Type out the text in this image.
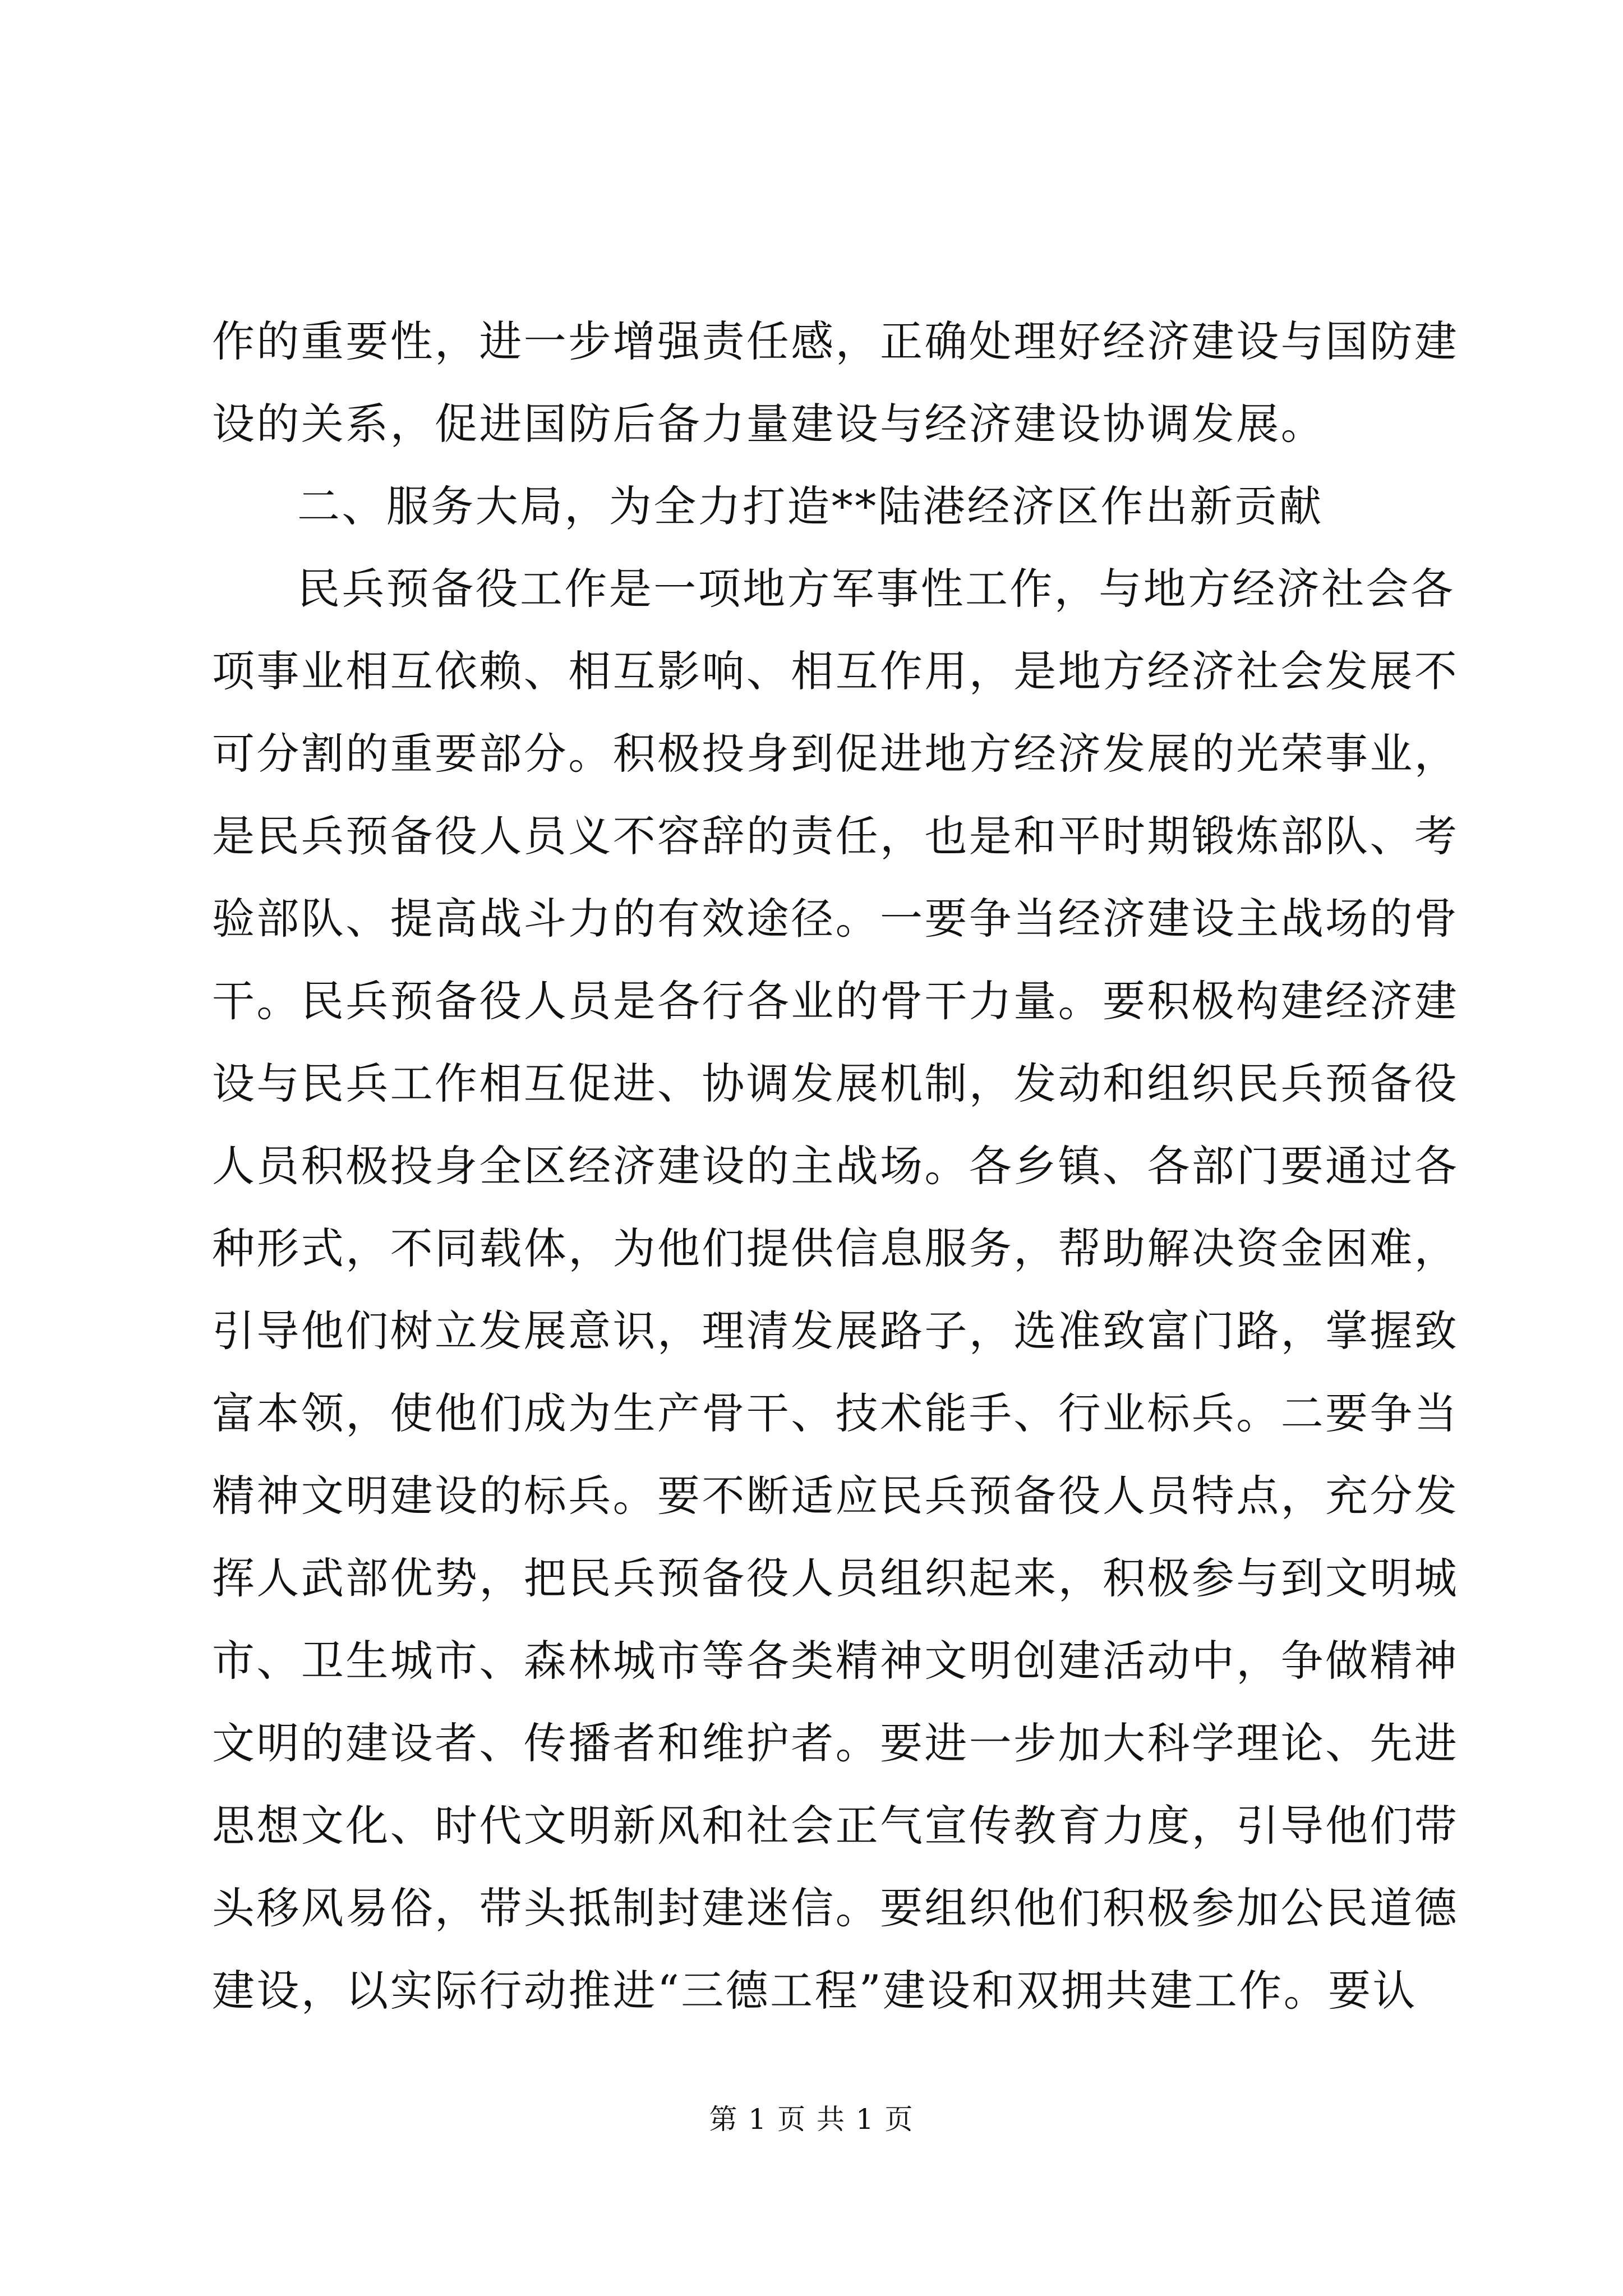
作的重要性，进一步增强责任感，正确处理好经济建设与国防建
设的关系，促进国防后备力量建设与经济建设协调发展。
二、服务大局，为全力打造**陆港经济区作出新贡献
民兵预备役工作是一项地方军事性工作，与地方经济社会各
项事业相互依赖、相互影响、相互作用，是地方经济社会发展不
可分割的重要部分。积极投身到促进地方经济发展的光荣事业，
是民兵预备役人员义不容辞的责任，也是和平时期锻炼部队、考
验部队、提高战斗力的有效途径。一要争当经济建设主战场的骨
干。民兵预备役人员是各行各业的骨干力量。要积极构建经济建
设与民兵工作相互促进、协调发展机制，发动和组织民兵预备役
人员积极投身全区经济建设的主战场。各乡镇、各部门要通过各
种形式，不同载体，为他们提供信息服务，帮助解决资金困难，
引导他们树立发展意识，理清发展路子，选准致富门路，掌握致
富本领，使他们成为生产骨干、技术能手、行业标兵。二要争当
精神文明建设的标兵。要不断适应民兵预备役人员特点，充分发
挥人武部优势，把民兵预备役人员组织起来，积极参与到文明城
市、卫生城市、森林城市等各类精神文明创建活动中，争做精神
文明的建设者、传播者和维护者。要进一步加大科学理论、先进
思想文化、时代文明新风和社会正气宣传教育力度，引导他们带
头移风易俗，带头抵制封建迷信。要组织他们积极参加公民道德
建设，以实际行动推进“三德工程”建设和双拥共建工作。要认
第 1 页 共 1 页
